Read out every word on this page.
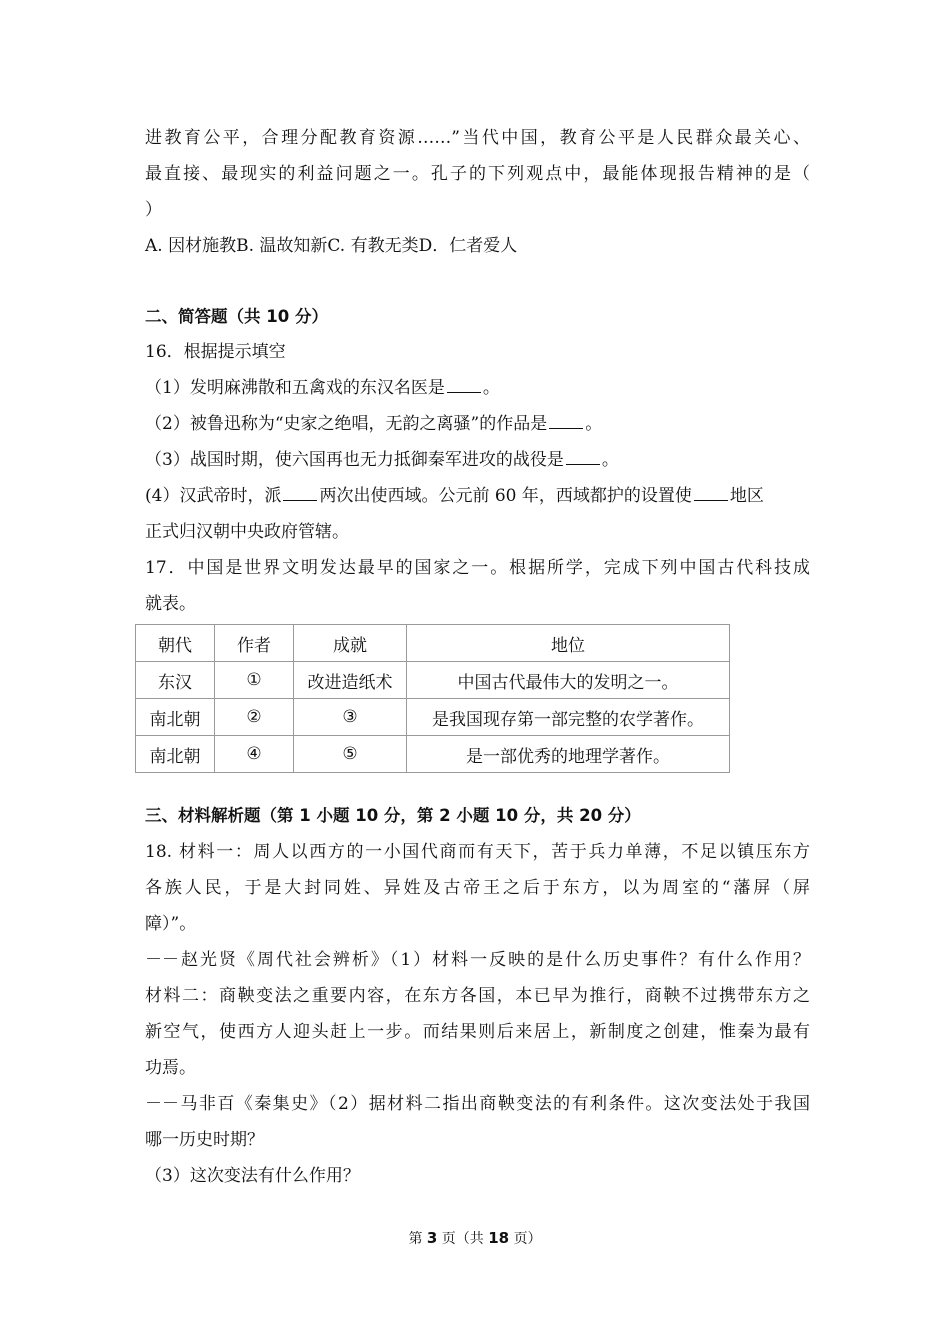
进教育公平，合理分配教育资源……”当代中国，教育公平是人民群众最关心、
最直接、最现实的利益问题之一。孔子的下列观点中，最能体现报告精神的是（
）
A. 因材施教B. 温故知新C. 有教无类D．仁者爱人
二、简答题（共 10 分）
16．根据提示填空
（1）发明麻沸散和五禽戏的东汉名医是 。
（2）被鲁迅称为“史家之绝唱，无韵之离骚”的作品是 。
（3）战国时期，使六国再也无力抵御秦军进攻的战役是 。
(4）汉武帝时，派 两次出使西域。公元前 60 年，西域都护的设置使 地区
正式归汉朝中央政府管辖。
17．中国是世界文明发达最早的国家之一。根据所学，完成下列中国古代科技成
就表。
朝代	作者	成就	地位
东汉	①	改进造纸术	中国古代最伟大的发明之一。
南北朝	②	③	是我国现存第一部完整的农学著作。
南北朝	④	⑤	是一部优秀的地理学著作。
三、材料解析题（第 1 小题 10 分，第 2 小题 10 分，共 20 分）
18. 材料一：周人以西方的一小国代商而有天下，苦于兵力单薄，不足以镇压东方
各族人民，于是大封同姓、异姓及古帝王之后于东方，以为周室的“藩屏（屏
障）”。
－－赵光贤《周代社会辨析》（1）材料一反映的是什么历史事件？有什么作用？
材料二：商鞅变法之重要内容，在东方各国，本已早为推行，商鞅不过携带东方之
新空气，使西方人迎头赶上一步。而结果则后来居上，新制度之创建，惟秦为最有
功焉。
－－马非百《秦集史》（2）据材料二指出商鞅变法的有利条件。这次变法处于我国
哪一历史时期？
（3）这次变法有什么作用？
第 3 页（共 18 页）
